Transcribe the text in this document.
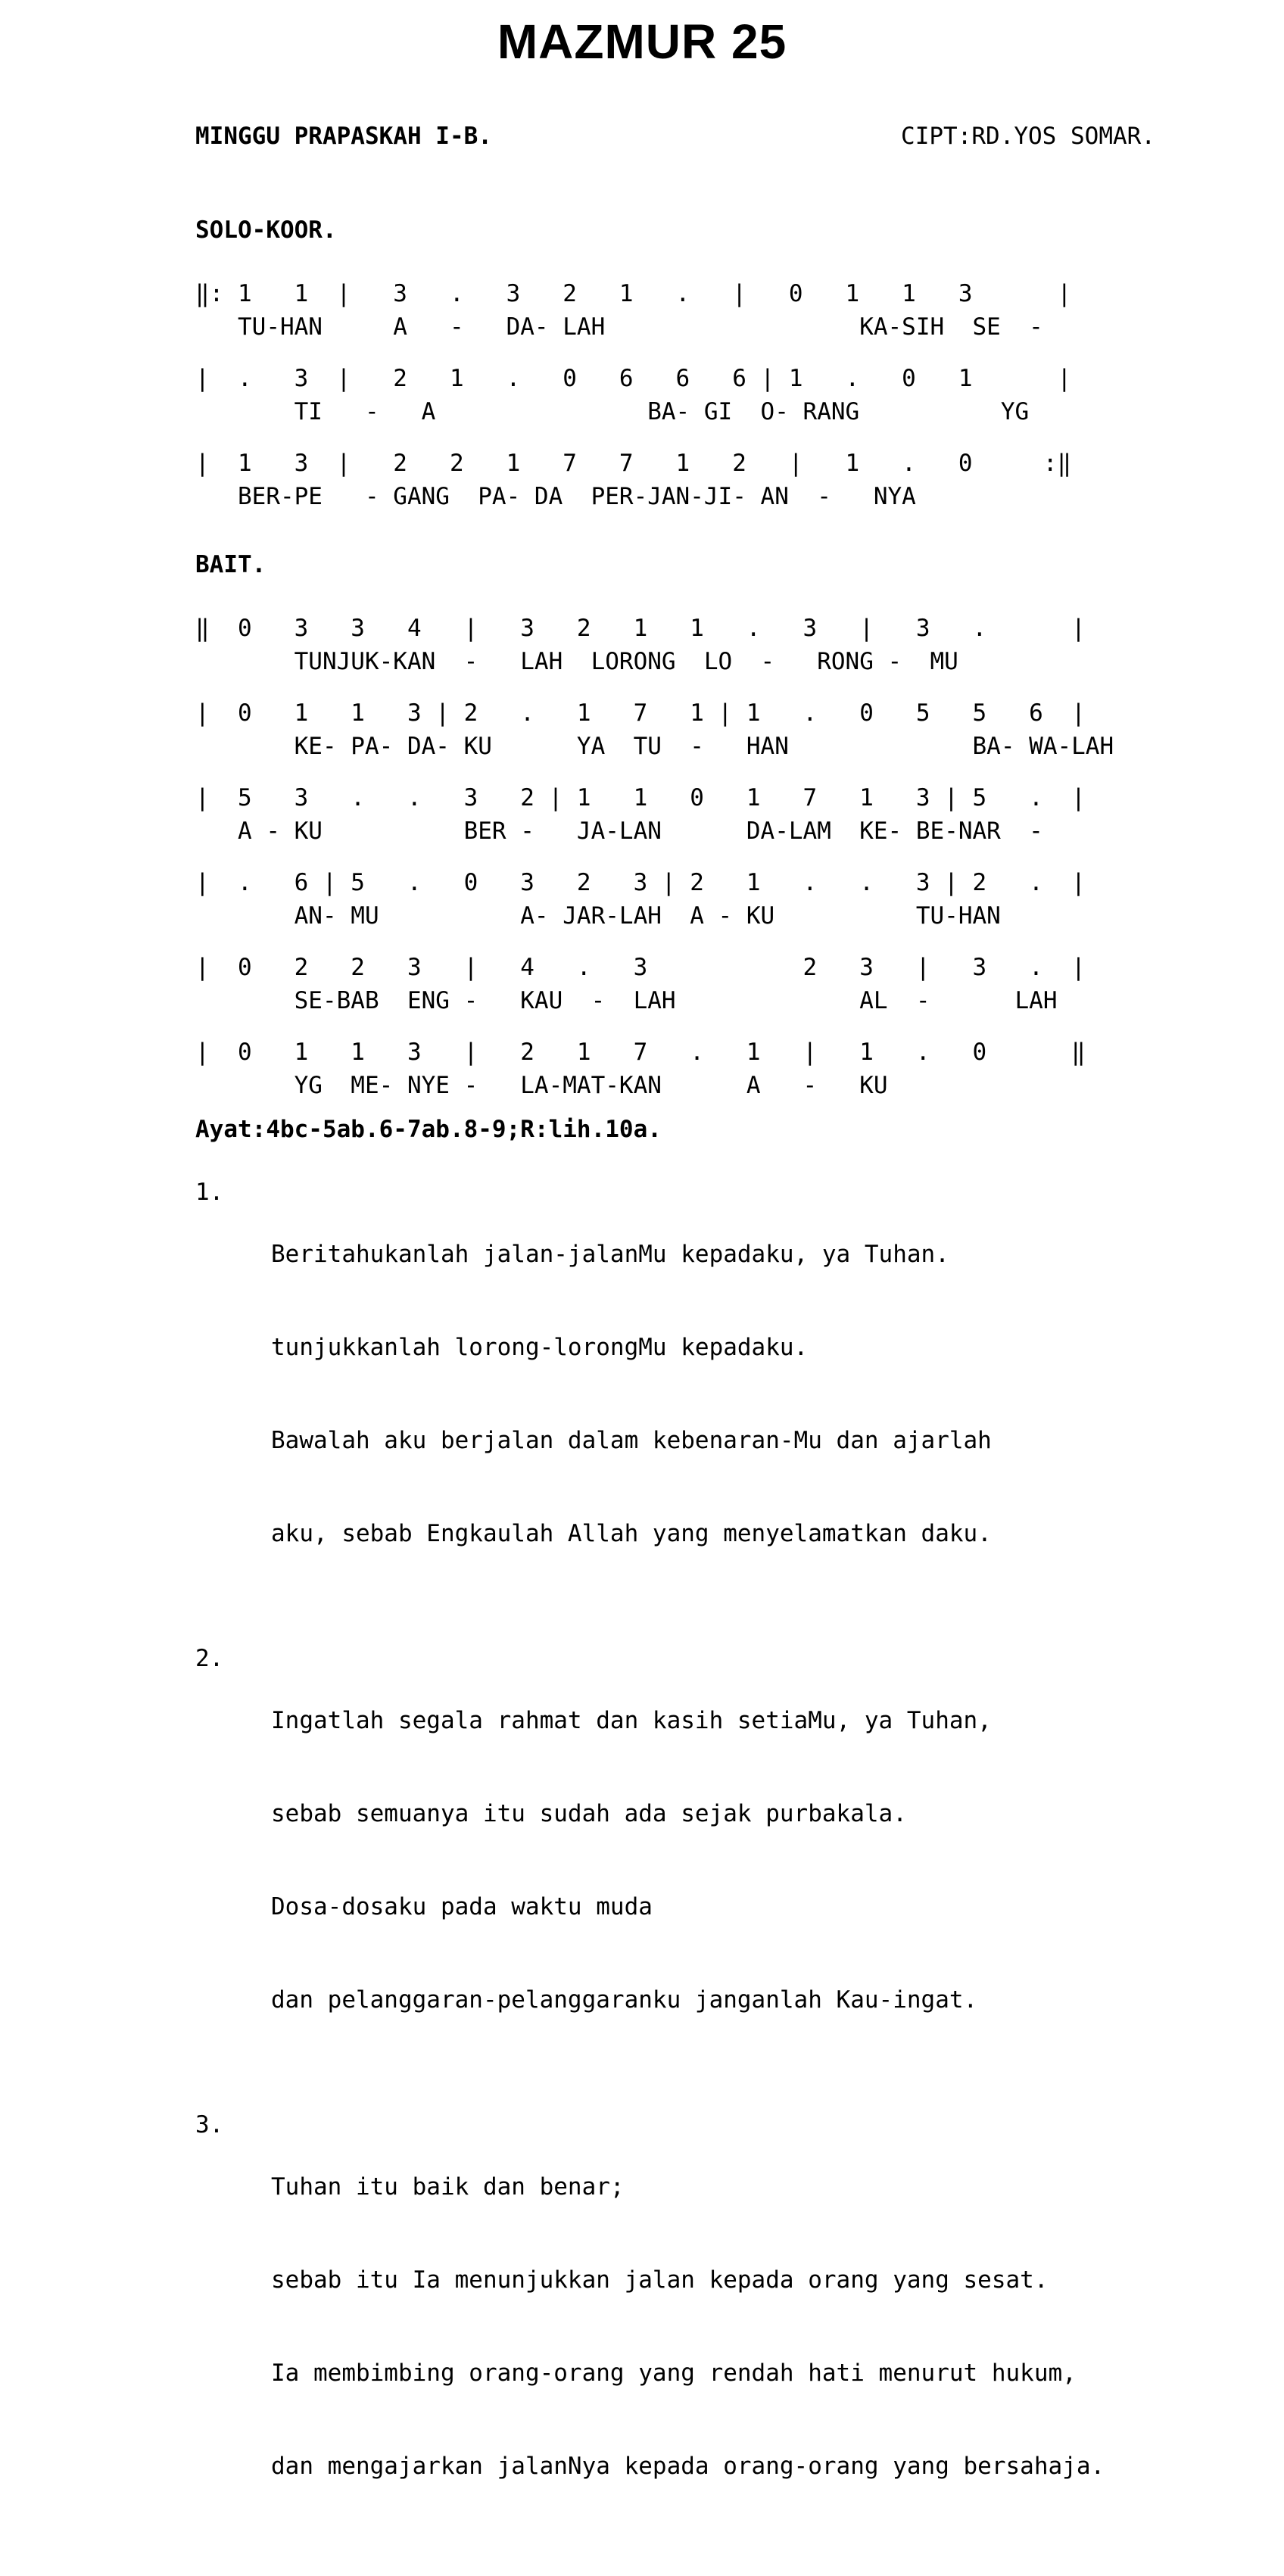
MAZMUR 25
MINGGU PRAPASKAH I-B.	CIPT:RD.YOS SOMAR.
SOLO-KOOR.
‖: 1   1  |   3   .   3   2   1   .   |   0   1   1   3      |
TU-HAN     A   -   DA- LAH                  KA-SIH  SE  -
|  .   3  |   2   1   .   0   6   6   6 | 1   .   0   1      |
TI   -   A               BA- GI  O- RANG          YG
|  1   3  |   2   2   1   7   7   1   2   |   1   .   0     :‖
BER-PE   - GANG  PA- DA  PER-JAN-JI- AN  -   NYA
BAIT.
‖  0   3   3   4   |   3   2   1   1   .   3   |   3   .      |
TUNJUK-KAN  -   LAH  LORONG  LO  -   RONG -  MU
|  0   1   1   3 | 2   .   1   7   1 | 1   .   0   5   5   6  |
KE- PA- DA- KU      YA  TU  -   HAN             BA- WA-LAH
|  5   3   .   .   3   2 | 1   1   0   1   7   1   3 | 5   .  |
A - KU          BER -   JA-LAN      DA-LAM  KE- BE-NAR  -
|  .   6 | 5   .   0   3   2   3 | 2   1   .   .   3 | 2   .  |
AN- MU          A- JAR-LAH  A - KU          TU-HAN
|  0   2   2   3   |   4   .   3           2   3   |   3   .  |
SE-BAB  ENG -   KAU  -  LAH             AL  -      LAH
|  0   1   1   3   |   2   1   7   .   1   |   1   .   0      ‖
YG  ME- NYE -   LA-MAT-KAN      A   -   KU
Ayat:4bc-5ab.6-7ab.8-9;R:lih.10a.
1.

Beritahukanlah jalan-jalanMu kepadaku, ya Tuhan.

tunjukkanlah lorong-lorongMu kepadaku.

Bawalah aku berjalan dalam kebenaran-Mu dan ajarlah

aku, sebab Engkaulah Allah yang menyelamatkan daku.

2.

Ingatlah segala rahmat dan kasih setiaMu, ya Tuhan,

sebab semuanya itu sudah ada sejak purbakala.

Dosa-dosaku pada waktu muda

dan pelanggaran-pelanggaranku janganlah Kau-ingat.

3.

Tuhan itu baik dan benar;

sebab itu Ia menunjukkan jalan kepada orang yang sesat.

Ia membimbing orang-orang yang rendah hati menurut hukum,

dan mengajarkan jalanNya kepada orang-orang yang bersahaja.
